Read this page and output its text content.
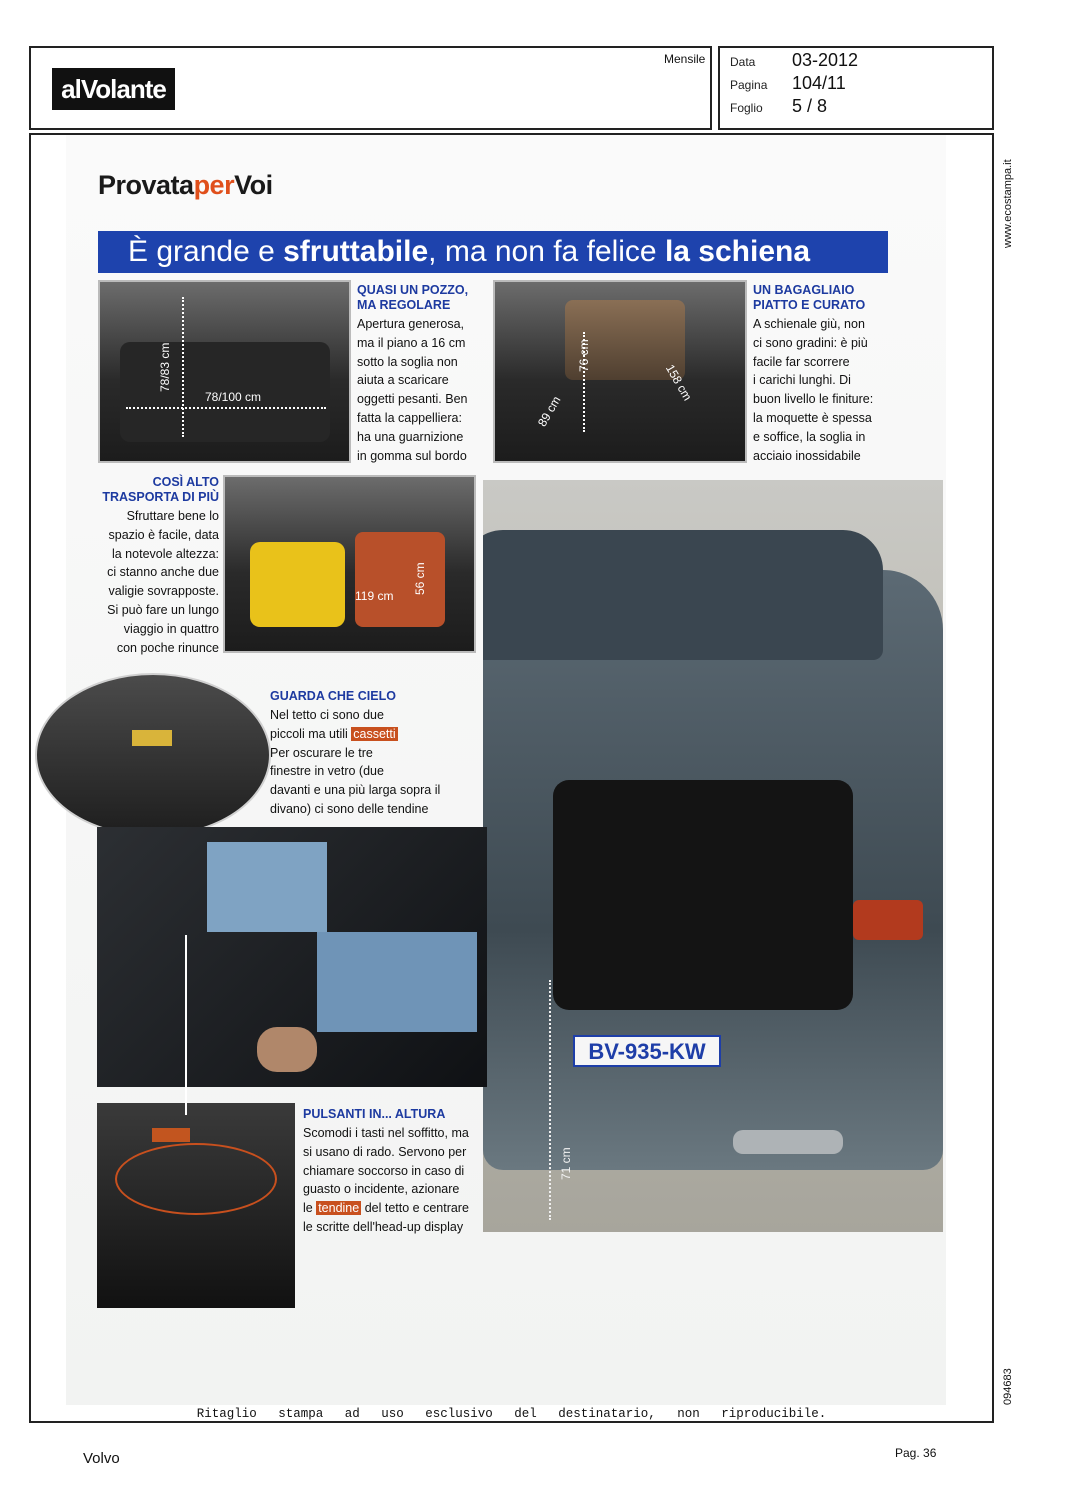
alVolante
Mensile Data 03-2012
Pagina 104/11
Foglio 5 / 8
www.ecostampa.it
094683
ProvataperVoi
È grande e sfruttabile, ma non fa felice la schiena
78/83 cm
78/100 cm
QUASI UN POZZO,
MA REGOLARE
Apertura generosa,
ma il piano a 16 cm
sotto la soglia non
aiuta a scaricare
oggetti pesanti. Ben
fatta la cappelliera:
ha una guarnizione
in gomma sul bordo
76 cm
89 cm
158 cm
UN BAGAGLIAIO
PIATTO E CURATO
A schienale giù, non
ci sono gradini: è più
facile far scorrere
i carichi lunghi. Di
buon livello le finiture:
la moquette è spessa
e soffice, la soglia in
acciaio inossidabile
COSÌ ALTO
TRASPORTA DI PIÙ
Sfruttare bene lo
spazio è facile, data
la notevole altezza:
ci stanno anche due
valigie sovrapposte.
Si può fare un lungo
viaggio in quattro
con poche rinunce
119 cm
56 cm
BV-935-KW
71 cm
GUARDA CHE CIELO
Nel tetto ci sono due
piccoli ma utili cassetti
Per oscurare le tre
finestre in vetro (due
davanti e una più larga sopra il
divano) ci sono delle tendine
PULSANTI IN... ALTURA
Scomodi i tasti nel soffitto, ma
si usano di rado. Servono per
chiamare soccorso in caso di
guasto o incidente, azionare
le tendine del tetto e centrare
le scritte dell'head-up display
Ritaglio stampa ad uso esclusivo del destinatario, non riproducibile.
Volvo	Pag. 36
